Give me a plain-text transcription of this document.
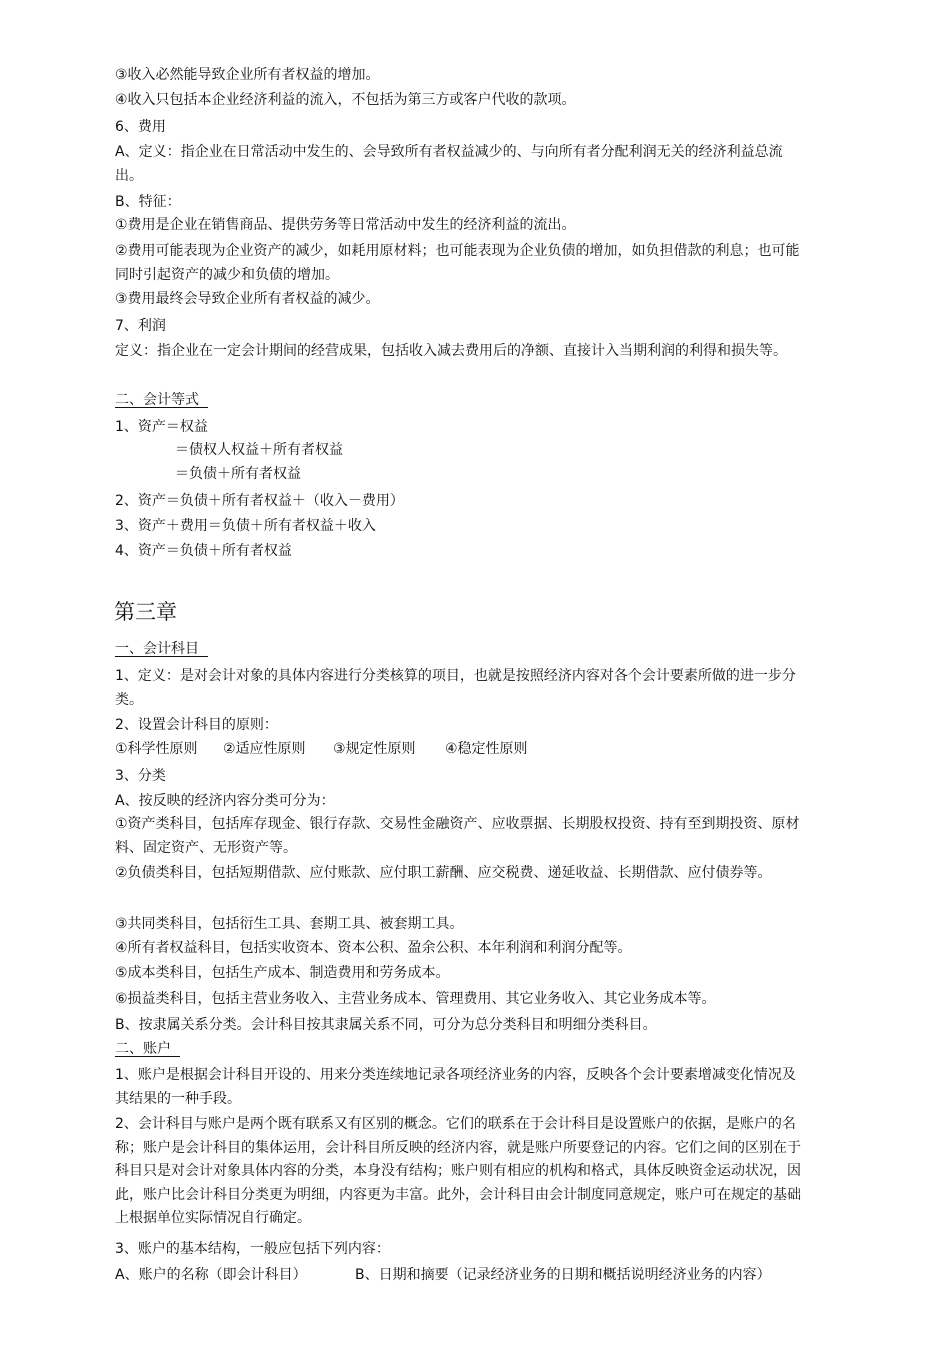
③收入必然能导致企业所有者权益的增加。
④收入只包括本企业经济利益的流入，不包括为第三方或客户代收的款项。
6、费用
A、定义：指企业在日常活动中发生的、会导致所有者权益减少的、与向所有者分配利润无关的经济利益总流出。
B、特征：
①费用是企业在销售商品、提供劳务等日常活动中发生的经济利益的流出。
②费用可能表现为企业资产的减少，如耗用原材料；也可能表现为企业负债的增加，如负担借款的利息；也可能同时引起资产的减少和负债的增加。
③费用最终会导致企业所有者权益的减少。
7、利润
定义：指企业在一定会计期间的经营成果，包括收入减去费用后的净额、直接计入当期利润的利得和损失等。
二、会计等式
1、资产＝权益
＝债权人权益＋所有者权益
＝负债＋所有者权益
2、资产＝负债＋所有者权益＋（收入－费用）
3、资产＋费用＝负债＋所有者权益＋收入
4、资产＝负债＋所有者权益
第三章
一、会计科目
1、定义：是对会计对象的具体内容进行分类核算的项目，也就是按照经济内容对各个会计要素所做的进一步分类。
2、设置会计科目的原则：
①科学性原则 ②适应性原则 ③规定性原则 ④稳定性原则
3、分类
A、按反映的经济内容分类可分为：
①资产类科目，包括库存现金、银行存款、交易性金融资产、应收票据、长期股权投资、持有至到期投资、原材料、固定资产、无形资产等。
②负债类科目，包括短期借款、应付账款、应付职工薪酬、应交税费、递延收益、长期借款、应付债券等。
③共同类科目，包括衍生工具、套期工具、被套期工具。
④所有者权益科目，包括实收资本、资本公积、盈余公积、本年利润和利润分配等。
⑤成本类科目，包括生产成本、制造费用和劳务成本。
⑥损益类科目，包括主营业务收入、主营业务成本、管理费用、其它业务收入、其它业务成本等。
B、按隶属关系分类。会计科目按其隶属关系不同，可分为总分类科目和明细分类科目。
二、账户
1、账户是根据会计科目开设的、用来分类连续地记录各项经济业务的内容，反映各个会计要素增减变化情况及其结果的一种手段。
2、会计科目与账户是两个既有联系又有区别的概念。它们的联系在于会计科目是设置账户的依据，是账户的名称；账户是会计科目的集体运用，会计科目所反映的经济内容，就是账户所要登记的内容。它们之间的区别在于科目只是对会计对象具体内容的分类，本身没有结构；账户则有相应的机构和格式，具体反映资金运动状况，因此，账户比会计科目分类更为明细，内容更为丰富。此外，会计科目由会计制度同意规定，账户可在规定的基础上根据单位实际情况自行确定。
3、账户的基本结构，一般应包括下列内容：
A、账户的名称（即会计科目）	B、日期和摘要（记录经济业务的日期和概括说明经济业务的内容）
